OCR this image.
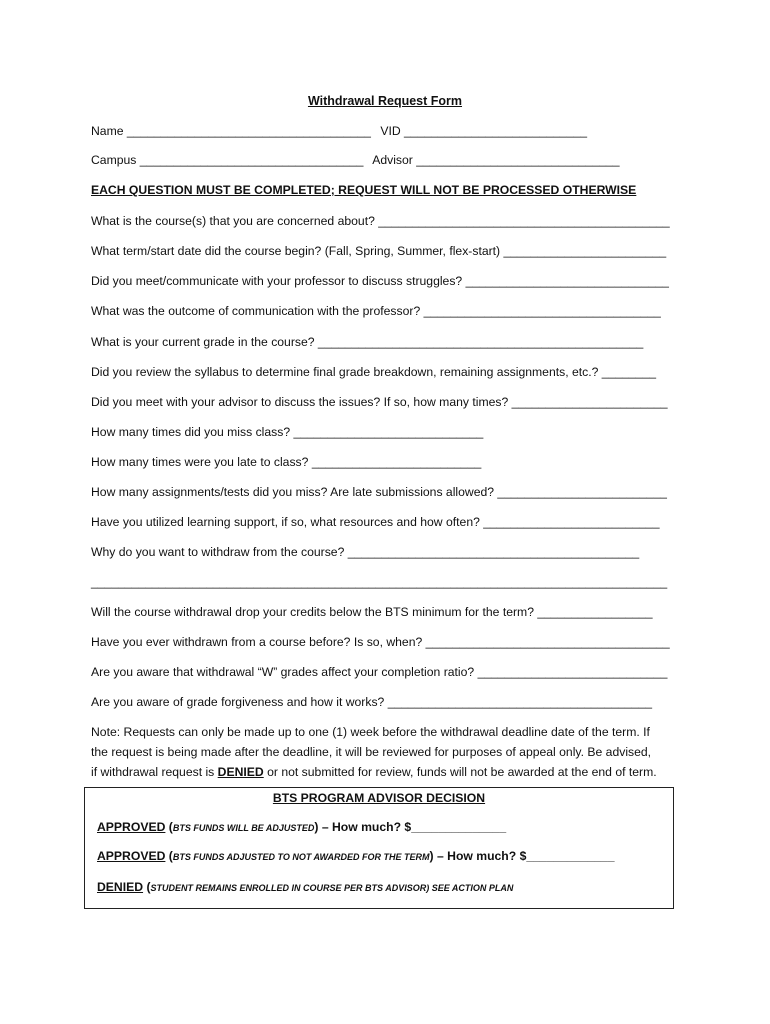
Withdrawal Request Form
Name ____________________________________ VID ___________________________
Campus _________________________________ Advisor ______________________________
EACH QUESTION MUST BE COMPLETED; REQUEST WILL NOT BE PROCESSED OTHERWISE
What is the course(s) that you are concerned about? ___________________________________________
What term/start date did the course begin? (Fall, Spring, Summer, flex-start) ________________________
Did you meet/communicate with your professor to discuss struggles? ______________________________
What was the outcome of communication with the professor? ___________________________________
What is your current grade in the course? ________________________________________________
Did you review the syllabus to determine final grade breakdown, remaining assignments, etc.? ________
Did you meet with your advisor to discuss the issues? If so, how many times? _______________________
How many times did you miss class? ____________________________
How many times were you late to class? _________________________
How many assignments/tests did you miss? Are late submissions allowed? _________________________
Have you utilized learning support, if so, what resources and how often? __________________________
Why do you want to withdraw from the course? ___________________________________________
_____________________________________________________________________________________
Will the course withdrawal drop your credits below the BTS minimum for the term? _________________
Have you ever withdrawn from a course before? Is so, when? ____________________________________
Are you aware that withdrawal “W” grades affect your completion ratio? ____________________________
Are you aware of grade forgiveness and how it works? _______________________________________
Note: Requests can only be made up to one (1) week before the withdrawal deadline date of the term. If
the request is being made after the deadline, it will be reviewed for purposes of appeal only. Be advised,
if withdrawal request is DENIED or not submitted for review, funds will not be awarded at the end of term.
BTS PROGRAM ADVISOR DECISION
APPROVED (BTS FUNDS WILL BE ADJUSTED) – How much? $______________
APPROVED (BTS FUNDS ADJUSTED TO NOT AWARDED FOR THE TERM) – How much? $_____________
DENIED (STUDENT REMAINS ENROLLED IN COURSE PER BTS ADVISOR) SEE ACTION PLAN
